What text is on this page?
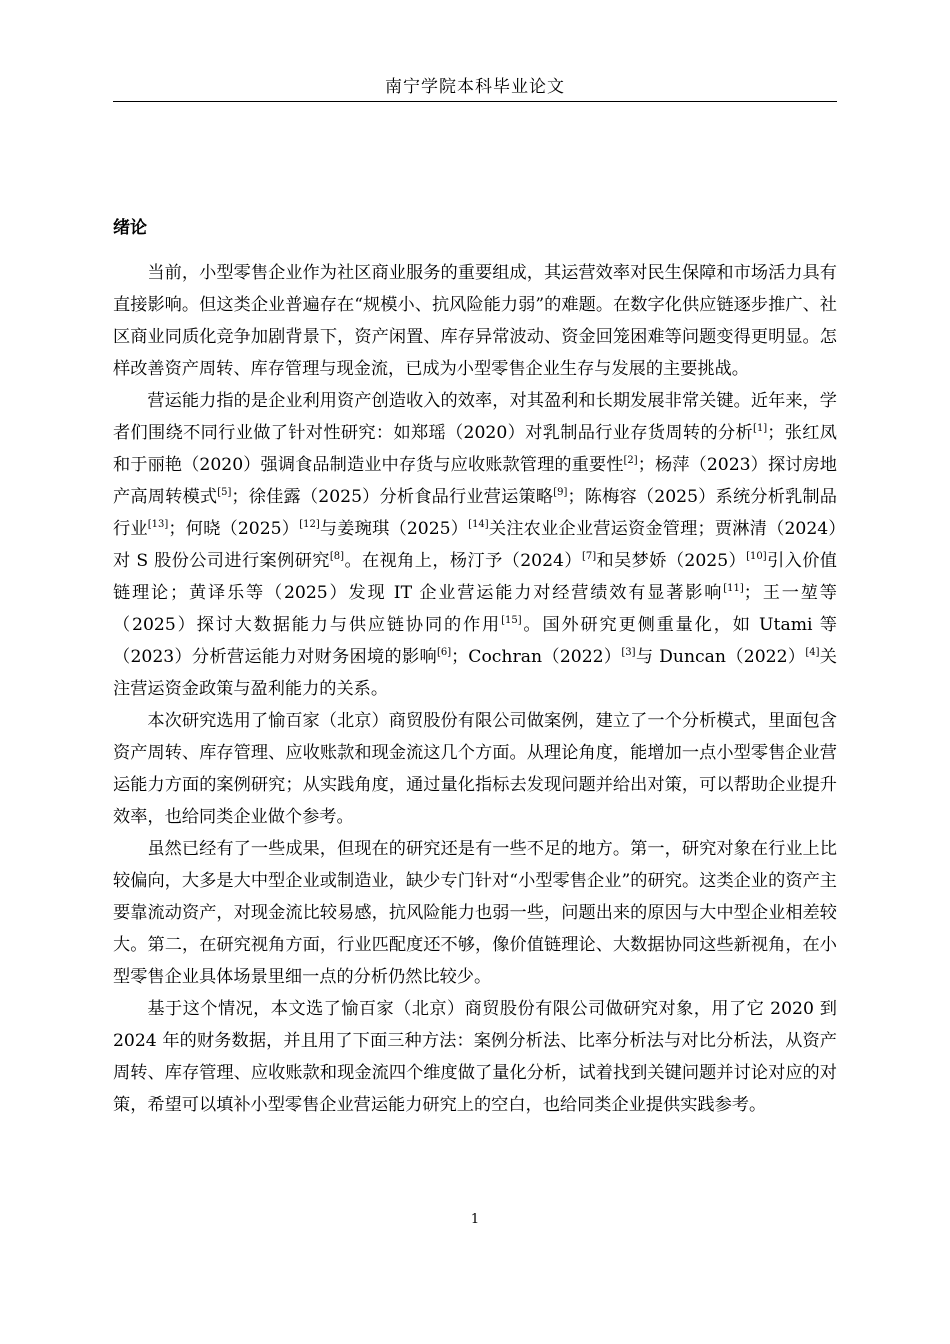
南宁学院本科毕业论文
绪论

当前，小型零售企业作为社区商业服务的重要组成，其运营效率对民生保障和市场活力具有直接影响。但这类企业普遍存在“规模小、抗风险能力弱”的难题。在数字化供应链逐步推广、社区商业同质化竞争加剧背景下，资产闲置、库存异常波动、资金回笼困难等问题变得更明显。怎样改善资产周转、库存管理与现金流，已成为小型零售企业生存与发展的主要挑战。

营运能力指的是企业利用资产创造收入的效率，对其盈利和长期发展非常关键。近年来，学者们围绕不同行业做了针对性研究：如郑瑶（2020）对乳制品行业存货周转的分析[1]；张红凤和于丽艳（2020）强调食品制造业中存货与应收账款管理的重要性[2]；杨萍（2023）探讨房地产高周转模式[5]；徐佳露（2025）分析食品行业营运策略[9]；陈梅容（2025）系统分析乳制品行业[13]；何晓（2025）[12]与姜琬琪（2025）[14]关注农业企业营运资金管理；贾淋清（2024）对 S 股份公司进行案例研究[8]。在视角上，杨汀予（2024）[7]和吴梦娇（2025）[10]引入价值链理论；黄译乐等（2025）发现 IT 企业营运能力对经营绩效有显著影响[11]；王一堃等（2025）探讨大数据能力与供应链协同的作用[15]。国外研究更侧重量化，如 Utami 等（2023）分析营运能力对财务困境的影响[6]；Cochran（2022）[3]与 Duncan（2022）[4]关注营运资金政策与盈利能力的关系。

本次研究选用了愉百家（北京）商贸股份有限公司做案例，建立了一个分析模式，里面包含资产周转、库存管理、应收账款和现金流这几个方面。从理论角度，能增加一点小型零售企业营运能力方面的案例研究；从实践角度，通过量化指标去发现问题并给出对策，可以帮助企业提升效率，也给同类企业做个参考。

虽然已经有了一些成果，但现在的研究还是有一些不足的地方。第一，研究对象在行业上比较偏向，大多是大中型企业或制造业，缺少专门针对“小型零售企业”的研究。这类企业的资产主要靠流动资产，对现金流比较易感，抗风险能力也弱一些，问题出来的原因与大中型企业相差较大。第二，在研究视角方面，行业匹配度还不够，像价值链理论、大数据协同这些新视角，在小型零售企业具体场景里细一点的分析仍然比较少。

基于这个情况，本文选了愉百家（北京）商贸股份有限公司做研究对象，用了它 2020 到 2024 年的财务数据，并且用了下面三种方法：案例分析法、比率分析法与对比分析法，从资产周转、库存管理、应收账款和现金流四个维度做了量化分析，试着找到关键问题并讨论对应的对策，希望可以填补小型零售企业营运能力研究上的空白，也给同类企业提供实践参考。

1
